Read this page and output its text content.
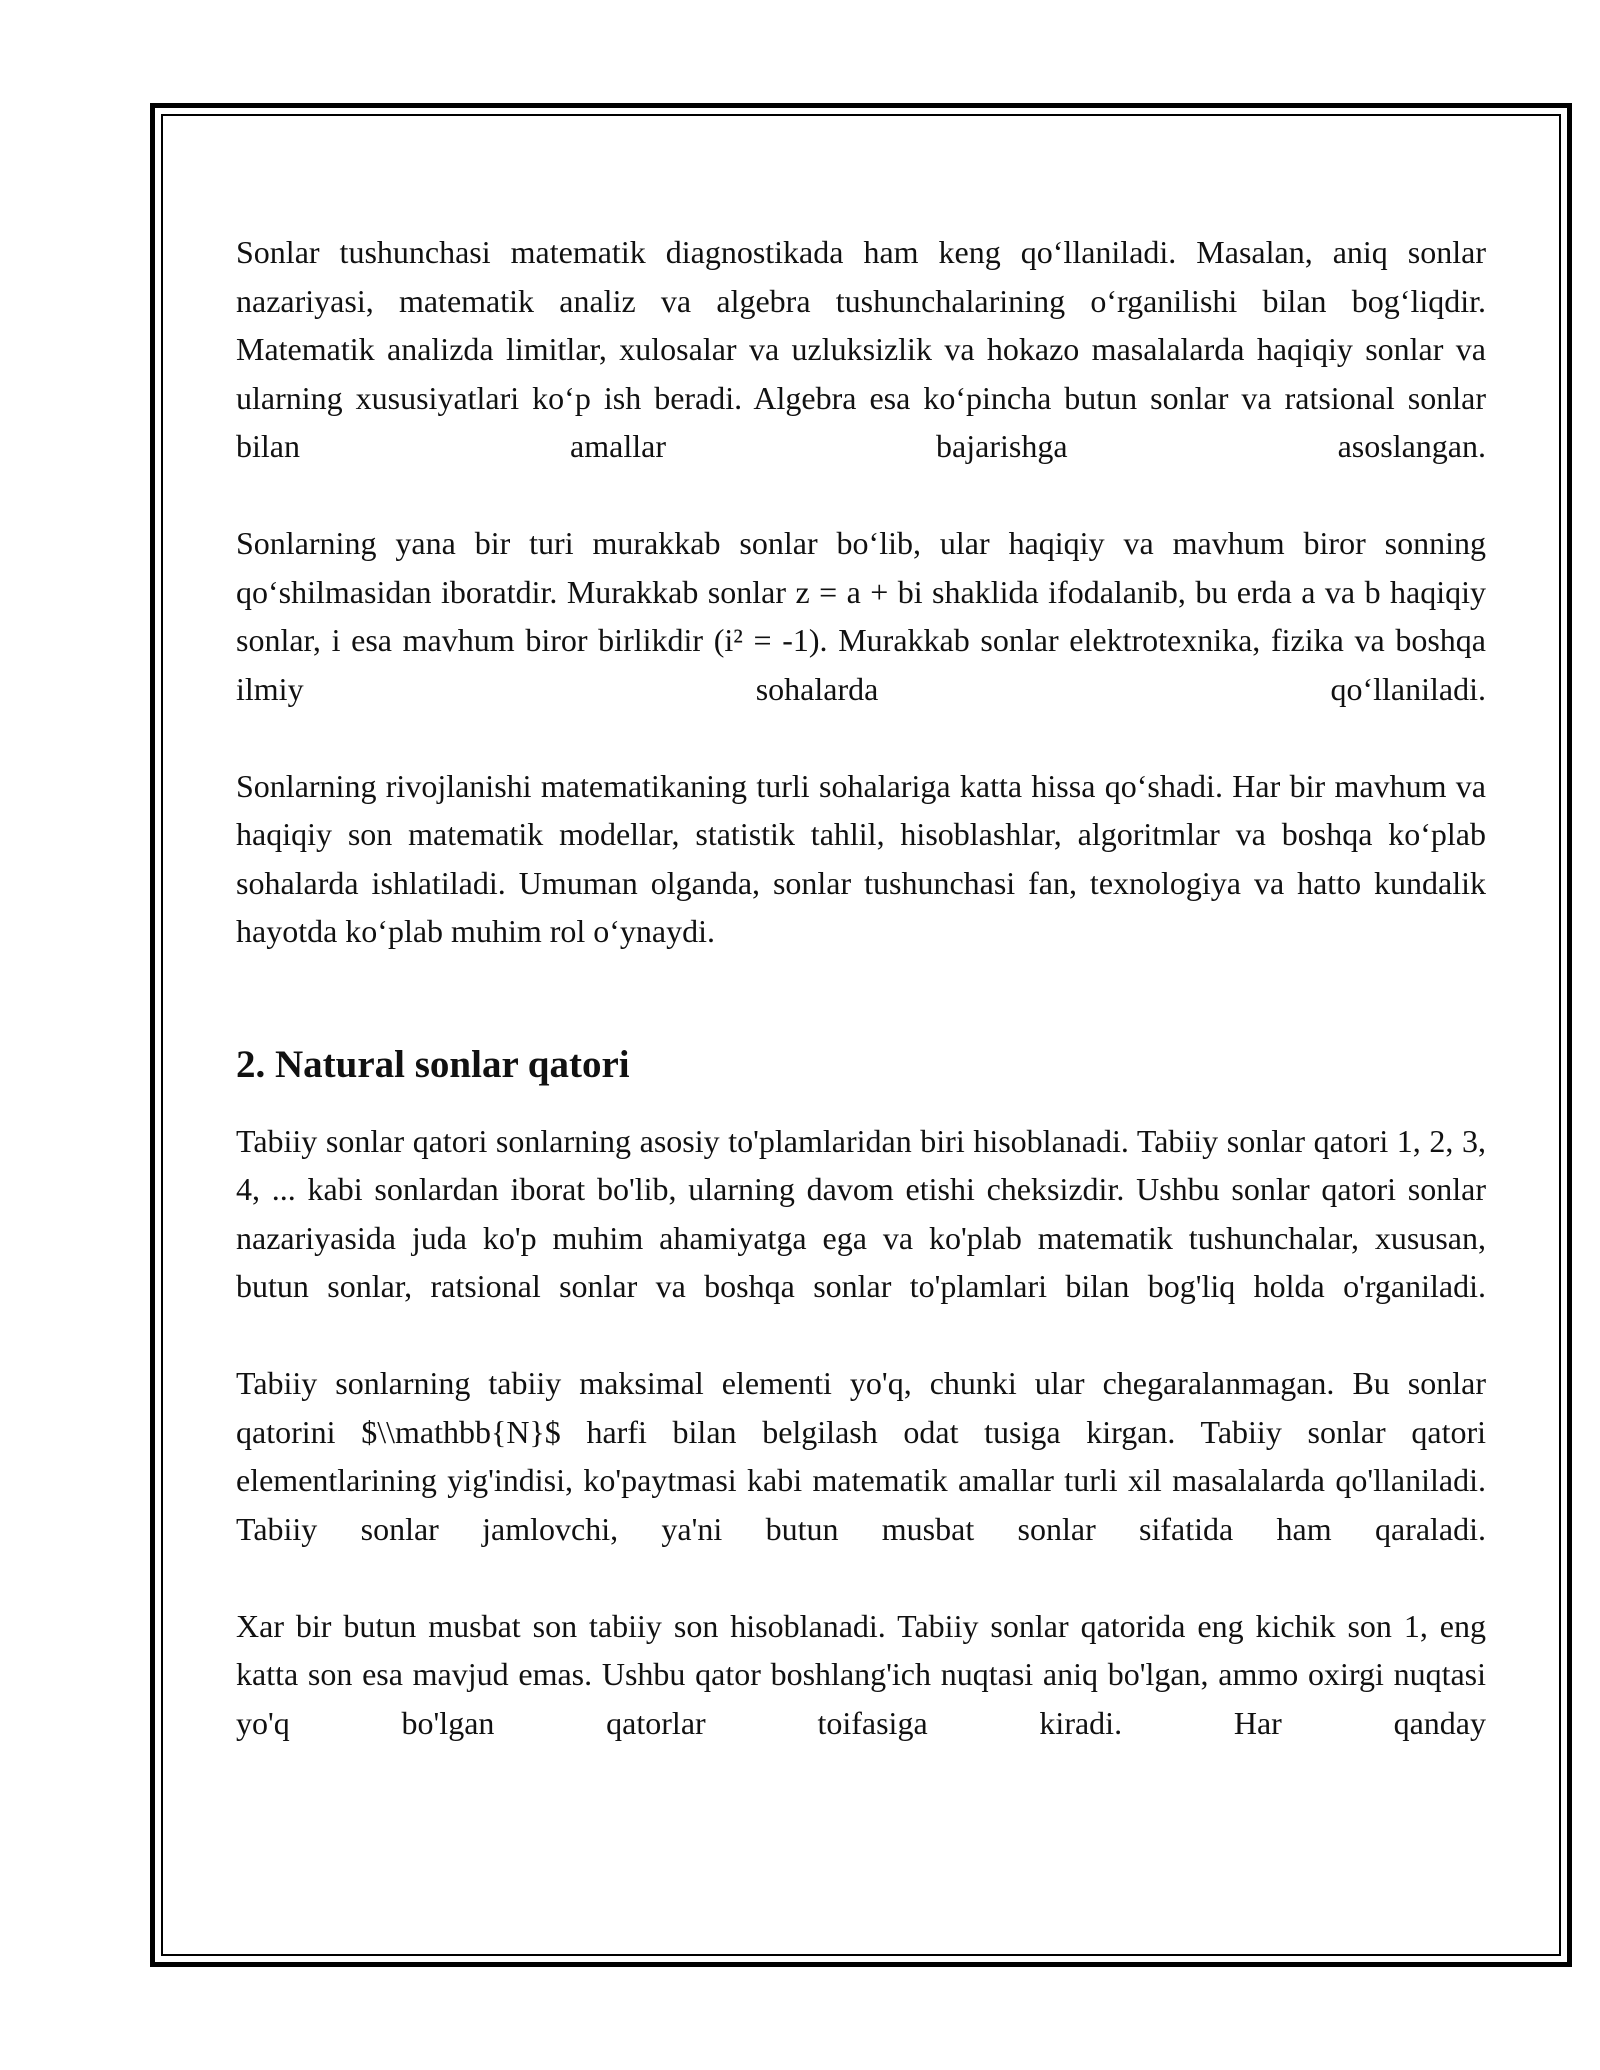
Sonlar tushunchasi matematik diagnostikada ham keng qo‘llaniladi. Masalan, aniq sonlar nazariyasi, matematik analiz va algebra tushunchalarining o‘rganilishi bilan bog‘liqdir. Matematik analizda limitlar, xulosalar va uzluksizlik va hokazo masalalarda haqiqiy sonlar va ularning xususiyatlari ko‘p ish beradi. Algebra esa ko‘pincha butun sonlar va ratsional sonlar bilan amallar bajarishga asoslangan.

Sonlarning yana bir turi murakkab sonlar bo‘lib, ular haqiqiy va mavhum biror sonning qo‘shilmasidan iboratdir. Murakkab sonlar z = a + bi shaklida ifodalanib, bu erda a va b haqiqiy sonlar, i esa mavhum biror birlikdir (i² = -1). Murakkab sonlar elektrotexnika, fizika va boshqa ilmiy sohalarda qo‘llaniladi.

Sonlarning rivojlanishi matematikaning turli sohalariga katta hissa qo‘shadi. Har bir mavhum va haqiqiy son matematik modellar, statistik tahlil, hisoblashlar, algoritmlar va boshqa ko‘plab sohalarda ishlatiladi. Umuman olganda, sonlar tushunchasi fan, texnologiya va hatto kundalik hayotda ko‘plab muhim rol o‘ynaydi.

2. Natural sonlar qatori

Tabiiy sonlar qatori sonlarning asosiy to'plamlaridan biri hisoblanadi. Tabiiy sonlar qatori 1, 2, 3, 4, ... kabi sonlardan iborat bo'lib, ularning davom etishi cheksizdir. Ushbu sonlar qatori sonlar nazariyasida juda ko'p muhim ahamiyatga ega va ko'plab matematik tushunchalar, xususan, butun sonlar, ratsional sonlar va boshqa sonlar to'plamlari bilan bog'liq holda o'rganiladi.

Tabiiy sonlarning tabiiy maksimal elementi yo'q, chunki ular chegaralanmagan. Bu sonlar qatorini $\\mathbb{N}$ harfi bilan belgilash odat tusiga kirgan. Tabiiy sonlar qatori elementlarining yig'indisi, ko'paytmasi kabi matematik amallar turli xil masalalarda qo'llaniladi. Tabiiy sonlar jamlovchi, ya'ni butun musbat sonlar sifatida ham qaraladi.

Xar bir butun musbat son tabiiy son hisoblanadi. Tabiiy sonlar qatorida eng kichik son 1, eng katta son esa mavjud emas. Ushbu qator boshlang'ich nuqtasi aniq bo'lgan, ammo oxirgi nuqtasi yo'q bo'lgan qatorlar toifasiga kiradi. Har qanday
